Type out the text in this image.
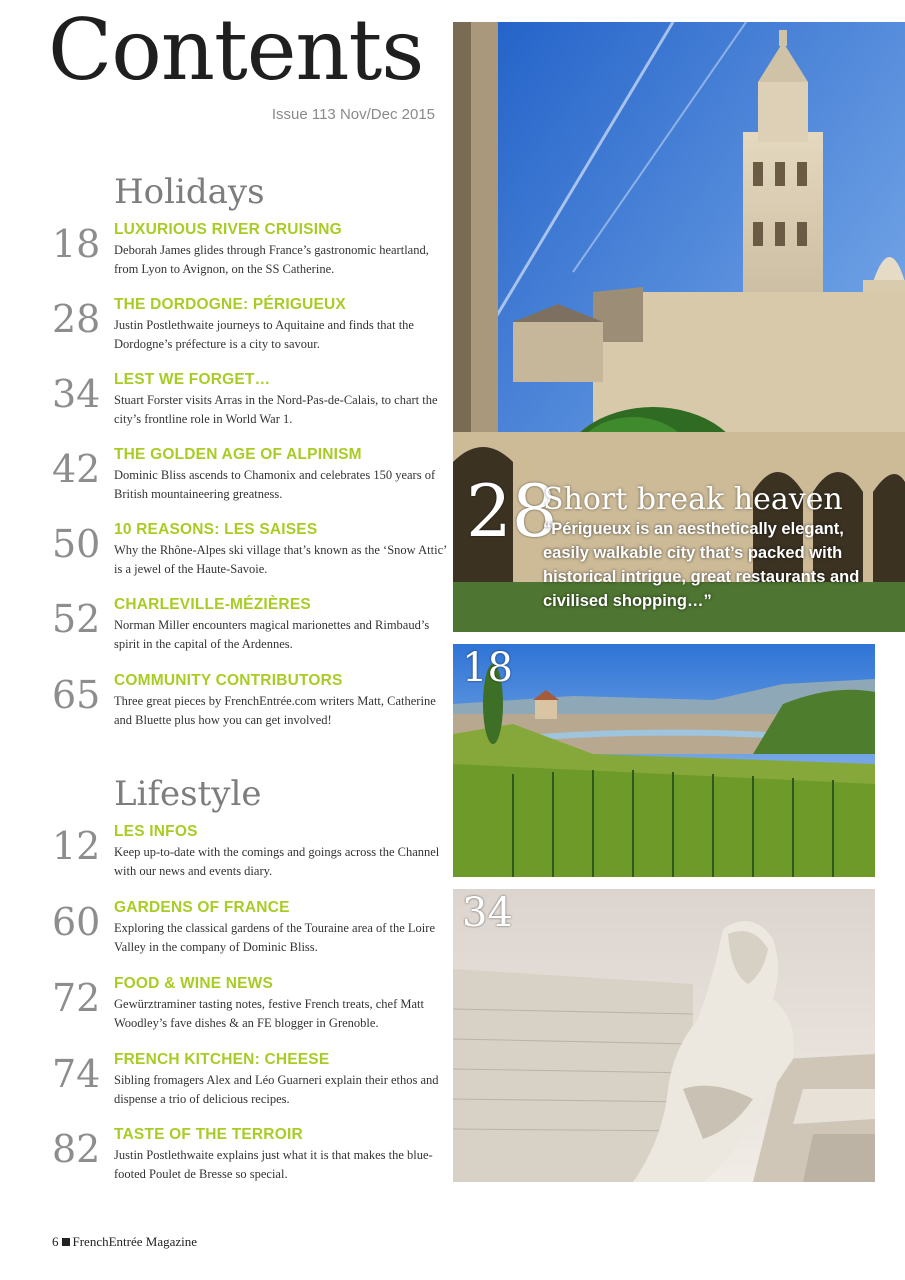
Contents
Issue 113 Nov/Dec 2015
Holidays
18 LUXURIOUS RIVER CRUISING
Deborah James glides through France’s gastronomic heartland, from Lyon to Avignon, on the SS Catherine.
28 THE DORDOGNE: PÉRIGUEUX
Justin Postlethwaite journeys to Aquitaine and finds that the Dordogne’s préfecture is a city to savour.
34 LEST WE FORGET…
Stuart Forster visits Arras in the Nord-Pas-de-Calais, to chart the city’s frontline role in World War 1.
42 THE GOLDEN AGE OF ALPINISM
Dominic Bliss ascends to Chamonix and celebrates 150 years of British mountaineering greatness.
50 10 REASONS: LES SAISES
Why the Rhône-Alpes ski village that’s known as the ‘Snow Attic’ is a jewel of the Haute-Savoie.
52 CHARLEVILLE-MÉZIÈRES
Norman Miller encounters magical marionettes and Rimbaud’s spirit in the capital of the Ardennes.
65 COMMUNITY CONTRIBUTORS
Three great pieces by FrenchEntrée.com writers Matt, Catherine and Bluette plus how you can get involved!
Lifestyle
12 LES INFOS
Keep up-to-date with the comings and goings across the Channel with our news and events diary.
60 GARDENS OF FRANCE
Exploring the classical gardens of the Touraine area of the Loire Valley in the company of Dominic Bliss.
72 FOOD & WINE NEWS
Gewürztraminer tasting notes, festive French treats, chef Matt Woodley’s fave dishes & an FE blogger in Grenoble.
74 FRENCH KITCHEN: CHEESE
Sibling fromagers Alex and Léo Guarneri explain their ethos and dispense a trio of delicious recipes.
82 TASTE OF THE TERROIR
Justin Postlethwaite explains just what it is that makes the blue-footed Poulet de Bresse so special.
28
Short break heaven
“Périgueux is an aesthetically elegant, easily walkable city that’s packed with historical intrigue, great restaurants and civilised shopping…”
18
34
6 FrenchEntrée Magazine
